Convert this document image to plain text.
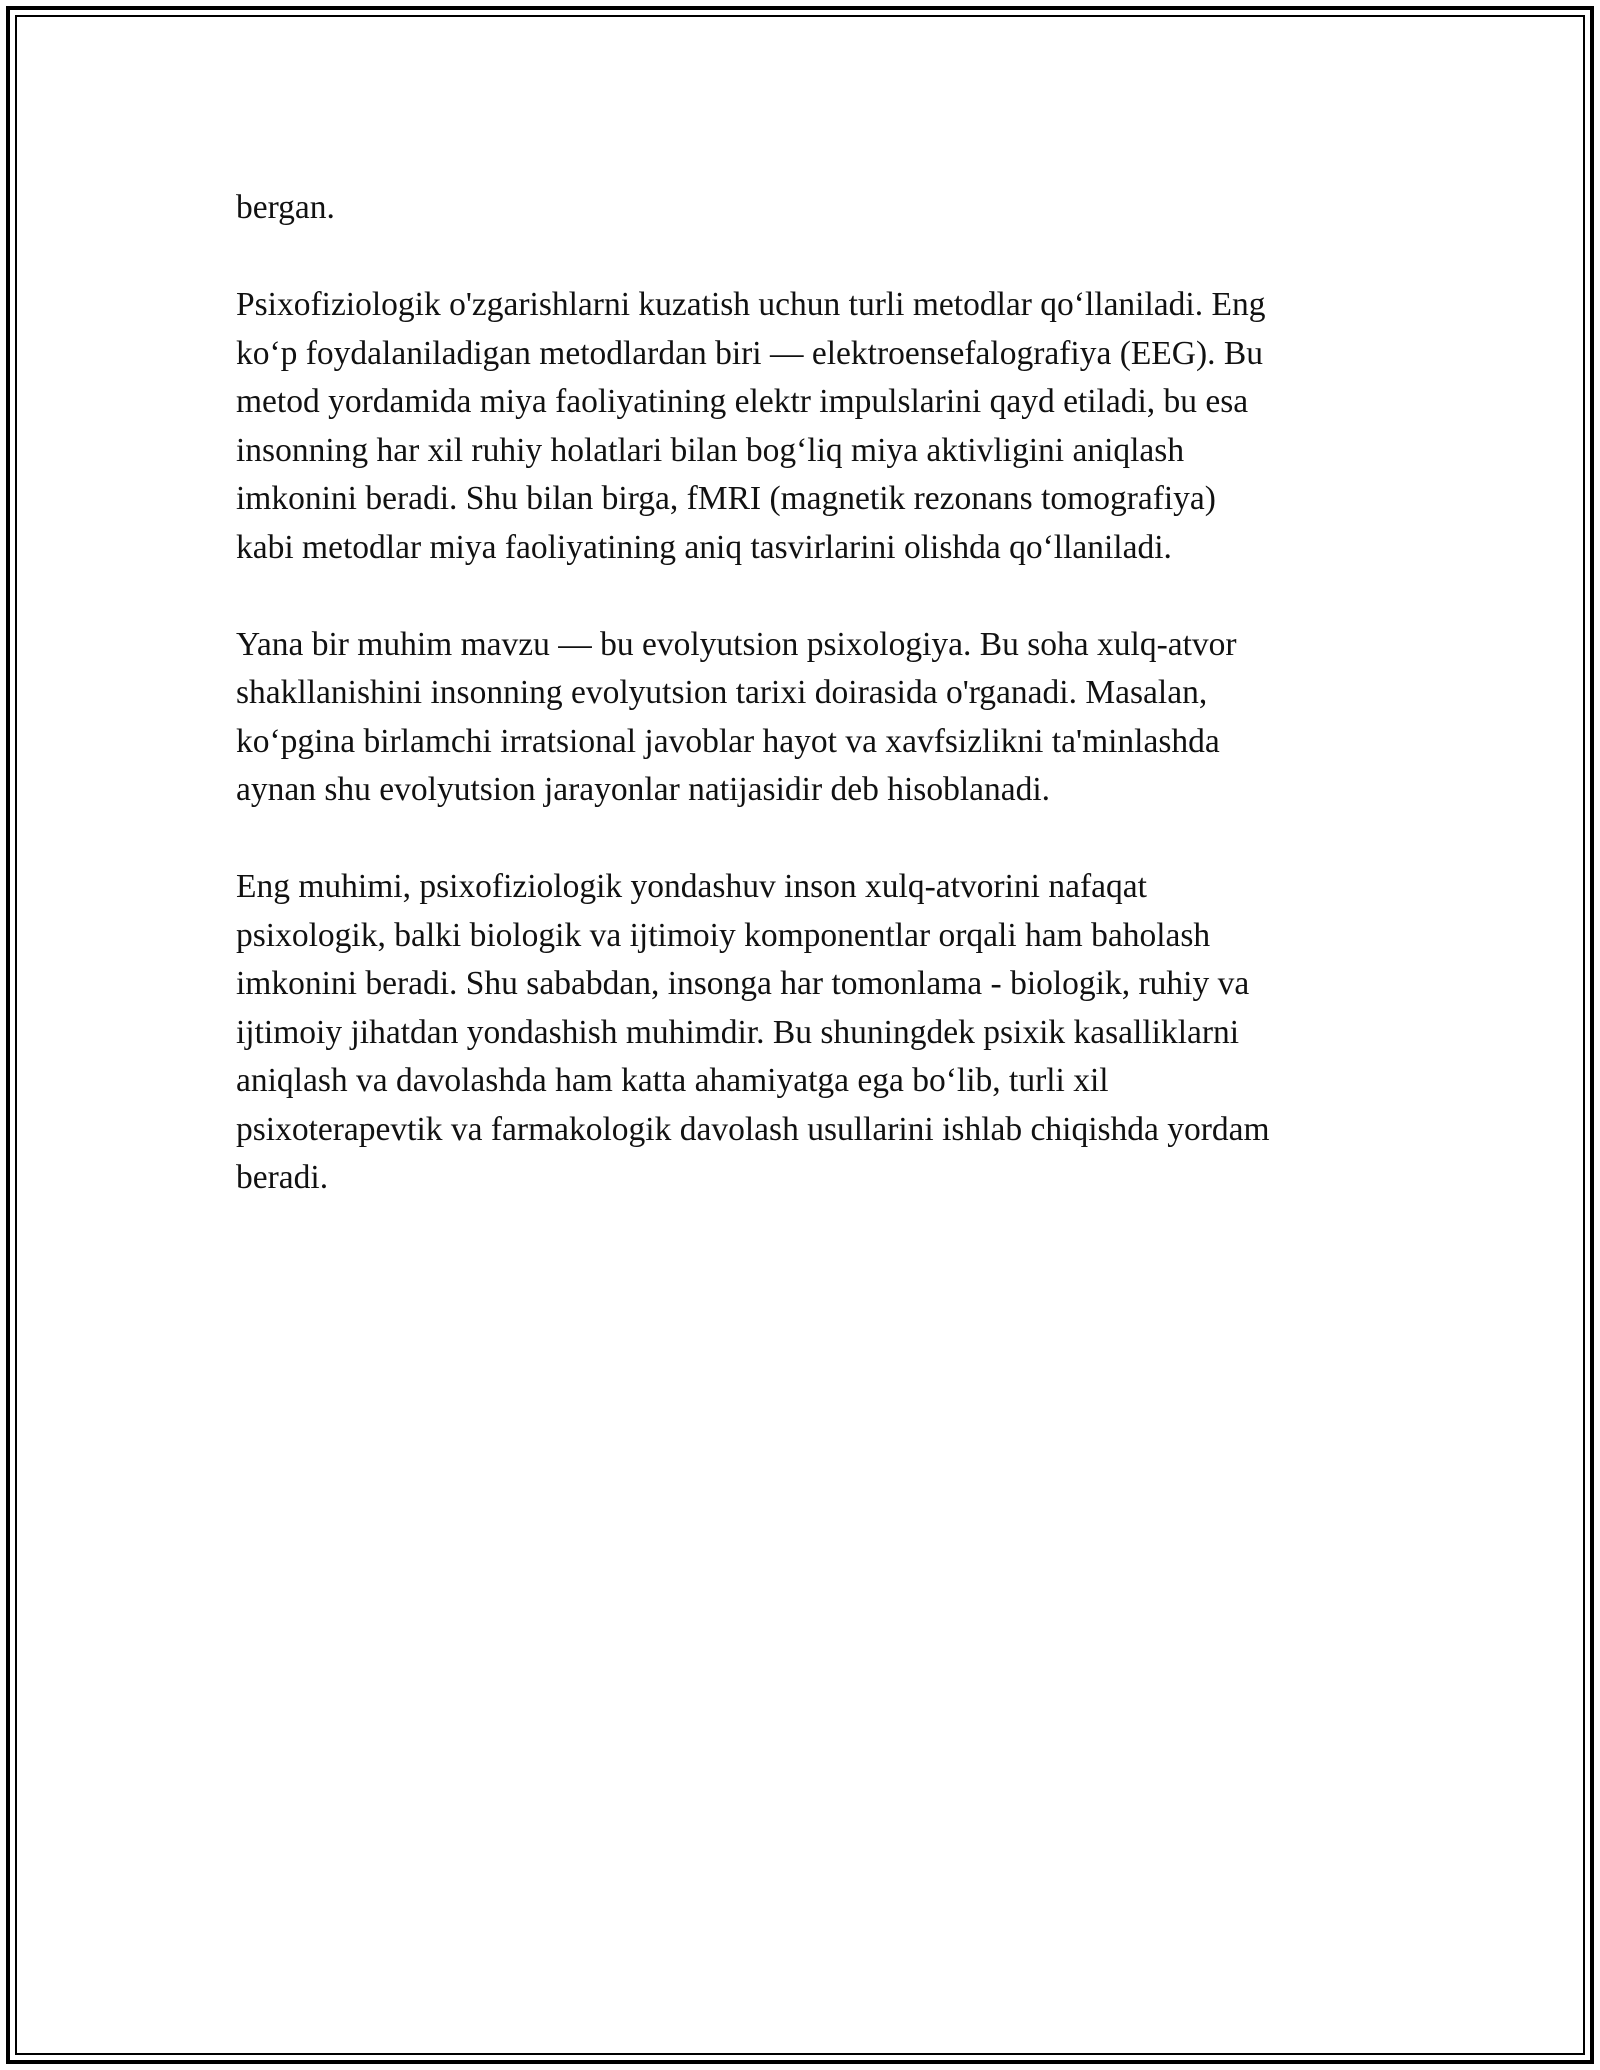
bergan.

Psixofiziologik o'zgarishlarni kuzatish uchun turli metodlar qo‘llaniladi. Eng
ko‘p foydalaniladigan metodlardan biri — elektroensefalografiya (EEG). Bu
metod yordamida miya faoliyatining elektr impulslarini qayd etiladi, bu esa
insonning har xil ruhiy holatlari bilan bog‘liq miya aktivligini aniqlash
imkonini beradi. Shu bilan birga, fMRI (magnetik rezonans tomografiya)
kabi metodlar miya faoliyatining aniq tasvirlarini olishda qo‘llaniladi.

Yana bir muhim mavzu — bu evolyutsion psixologiya. Bu soha xulq-atvor
shakllanishini insonning evolyutsion tarixi doirasida o'rganadi. Masalan,
ko‘pgina birlamchi irratsional javoblar hayot va xavfsizlikni ta'minlashda
aynan shu evolyutsion jarayonlar natijasidir deb hisoblanadi.

Eng muhimi, psixofiziologik yondashuv inson xulq-atvorini nafaqat
psixologik, balki biologik va ijtimoiy komponentlar orqali ham baholash
imkonini beradi. Shu sababdan, insonga har tomonlama - biologik, ruhiy va
ijtimoiy jihatdan yondashish muhimdir. Bu shuningdek psixik kasalliklarni
aniqlash va davolashda ham katta ahamiyatga ega bo‘lib, turli xil
psixoterapevtik va farmakologik davolash usullarini ishlab chiqishda yordam
beradi.
